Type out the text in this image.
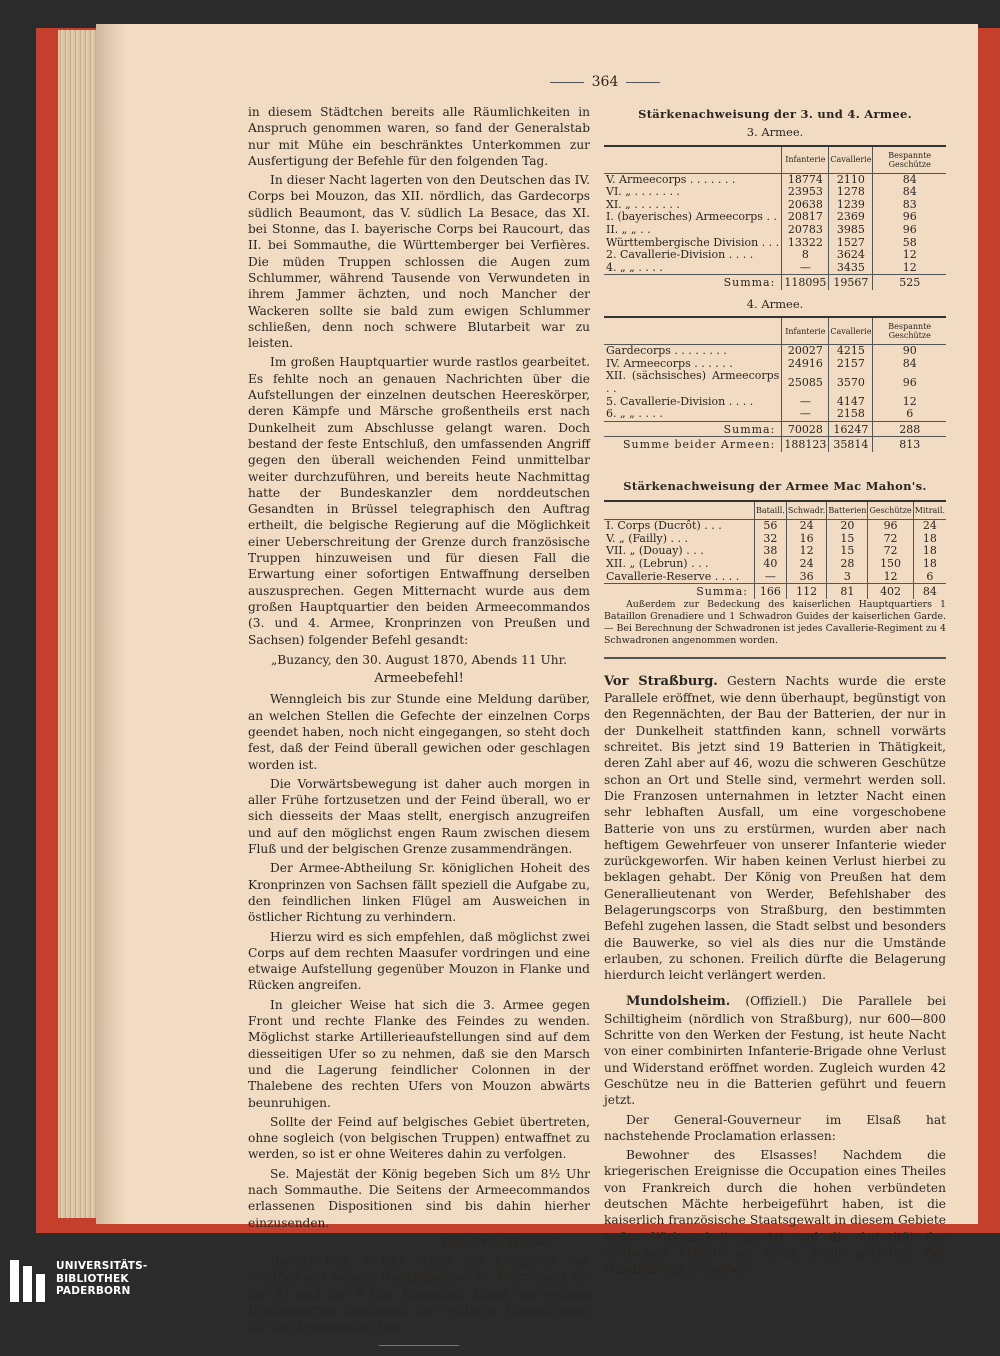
364

in diesem Städtchen bereits alle Räumlichkeiten in Anspruch genommen waren, so fand der Generalstab nur mit Mühe ein beschränktes Unterkommen zur Ausfertigung der Befehle für den folgenden Tag.

In dieser Nacht lagerten von den Deutschen das IV. Corps bei Mouzon, das XII. nördlich, das Gardecorps südlich Beaumont, das V. südlich La Besace, das XI. bei Stonne, das I. bayerische Corps bei Raucourt, das II. bei Sommauthe, die Württemberger bei Verfières. Die müden Truppen schlossen die Augen zum Schlummer, während Tausende von Verwundeten in ihrem Jammer ächzten, und noch Mancher der Wackeren sollte sie bald zum ewigen Schlummer schließen, denn noch schwere Blutarbeit war zu leisten.

Im großen Hauptquartier wurde rastlos gearbeitet. Es fehlte noch an genauen Nachrichten über die Aufstellungen der einzelnen deutschen Heereskörper, deren Kämpfe und Märsche großentheils erst nach Dunkelheit zum Abschlusse gelangt waren. Doch bestand der feste Entschluß, den umfassenden Angriff gegen den überall weichenden Feind unmittelbar weiter durchzuführen, und bereits heute Nachmittag hatte der Bundeskanzler dem norddeutschen Gesandten in Brüssel telegraphisch den Auftrag ertheilt, die belgische Regierung auf die Möglichkeit einer Ueberschreitung der Grenze durch französische Truppen hinzuweisen und für diesen Fall die Erwartung einer sofortigen Entwaffnung derselben auszusprechen. Gegen Mitternacht wurde aus dem großen Hauptquartier den beiden Armeecommandos (3. und 4. Armee, Kronprinzen von Preußen und Sachsen) folgender Befehl gesandt:

„Buzancy, den 30. August 1870, Abends 11 Uhr.

Armeebefehl!

Wenngleich bis zur Stunde eine Meldung darüber, an welchen Stellen die Gefechte der einzelnen Corps geendet haben, noch nicht eingegangen, so steht doch fest, daß der Feind überall gewichen oder geschlagen worden ist.

Die Vorwärtsbewegung ist daher auch morgen in aller Frühe fortzusetzen und der Feind überall, wo er sich diesseits der Maas stellt, energisch anzugreifen und auf den möglichst engen Raum zwischen diesem Fluß und der belgischen Grenze zusammendrängen.

Der Armee-Abtheilung Sr. königlichen Hoheit des Kronprinzen von Sachsen fällt speziell die Aufgabe zu, den feindlichen linken Flügel am Ausweichen in östlicher Richtung zu verhindern.

Hierzu wird es sich empfehlen, daß möglichst zwei Corps auf dem rechten Maasufer vordringen und eine etwaige Aufstellung gegenüber Mouzon in Flanke und Rücken angreifen.

In gleicher Weise hat sich die 3. Armee gegen Front und rechte Flanke des Feindes zu wenden. Möglichst starke Artillerieaufstellungen sind auf dem diesseitigen Ufer so zu nehmen, daß sie den Marsch und die Lagerung feindlicher Colonnen in der Thalebene des rechten Ufers von Mouzon abwärts beunruhigen.

Sollte der Feind auf belgisches Gebiet übertreten, ohne sogleich (von belgischen Truppen) entwaffnet zu werden, so ist er ohne Weiteres dahin zu verfolgen.

Se. Majestät der König begeben Sich um 8½ Uhr nach Sommauthe. Die Seitens der Armeecommandos erlassenen Dispositionen sind bis dahin hierher einzusenden.

(gez.) von Moltke.“

Bereits früh 3 Uhr erließ der Kronprinz von Preußen aus seinem Hauptquartier St. Pierremont für die 3., und um 6 Uhr Kronprinz Albert aus seinem Hauptquartier Beaumont die weiteren Dispositionen für den kommenden Tag.

Stärkenachweisung der 3. und 4. Armee.
3. Armee.
	Infanterie	Cavallerie	Bespannte Geschütze
V. Armeecorps . . . . . . .	18774	2110	84
VI. „ . . . . . . .	23953	1278	84
XI. „ . . . . . . .	20638	1239	83
I. (bayerisches) Armeecorps . .	20817	2369	96
II. „ „ . .	20783	3985	96
Württembergische Division . . .	13322	1527	58
2. Cavallerie-Division . . . .	8	3624	12
4. „ „ . . . .	—	3435	12
Summa:	118095	19567	525
4. Armee.
	Infanterie	Cavallerie	Bespannte Geschütze
Gardecorps . . . . . . . .	20027	4215	90
IV. Armeecorps . . . . . .	24916	2157	84
XII. (sächsisches) Armeecorps . .	25085	3570	96
5. Cavallerie-Division . . . .	—	4147	12
6. „ „ . . . .	—	2158	6
Summa:	70028	16247	288
Summe beider Armeen:	188123	35814	813
Stärkenachweisung der Armee Mac Mahon's.
	Bataill.	Schwadr.	Batterien	Geschütze	Mitrail.
I. Corps (Ducrôt) . . .	56	24	20	96	24
V. „ (Failly) . . .	32	16	15	72	18
VII. „ (Douay) . . .	38	12	15	72	18
XII. „ (Lebrun) . . .	40	24	28	150	18
Cavallerie-Reserve . . . .	—	36	3	12	6
Summa:	166	112	81	402	84

Außerdem zur Bedeckung des kaiserlichen Hauptquartiers 1 Bataillon Grenadiere und 1 Schwadron Guides der kaiserlichen Garde. — Bei Berechnung der Schwadronen ist jedes Cavallerie-Regiment zu 4 Schwadronen angenommen worden.

Vor Straßburg. Gestern Nachts wurde die erste Parallele eröffnet, wie denn überhaupt, begünstigt von den Regennächten, der Bau der Batterien, der nur in der Dunkelheit stattfinden kann, schnell vorwärts schreitet. Bis jetzt sind 19 Batterien in Thätigkeit, deren Zahl aber auf 46, wozu die schweren Geschütze schon an Ort und Stelle sind, vermehrt werden soll. Die Franzosen unternahmen in letzter Nacht einen sehr lebhaften Ausfall, um eine vorgeschobene Batterie von uns zu erstürmen, wurden aber nach heftigem Gewehrfeuer von unserer Infanterie wieder zurückgeworfen. Wir haben keinen Verlust hierbei zu beklagen gehabt. Der König von Preußen hat dem Generallieutenant von Werder, Befehlshaber des Belagerungscorps von Straßburg, den bestimmten Befehl zugehen lassen, die Stadt selbst und besonders die Bauwerke, so viel als dies nur die Umstände erlauben, zu schonen. Freilich dürfte die Belagerung hierdurch leicht verlängert werden.

Mundolsheim. (Offiziell.) Die Parallele bei Schiltigheim (nördlich von Straßburg), nur 600—800 Schritte von den Werken der Festung, ist heute Nacht von einer combinirten Infanterie-Brigade ohne Verlust und Widerstand eröffnet worden. Zugleich wurden 42 Geschütze neu in die Batterien geführt und feuern jetzt.

Der General-Gouverneur im Elsaß hat nachstehende Proclamation erlassen:

Bewohner des Elsasses! Nachdem die kriegerischen Ereignisse die Occupation eines Theiles von Frankreich durch die hohen verbündeten deutschen Mächte herbeigeführt haben, ist die kaiserlich französische Staatsgewalt in diesem Gebiete außer Wirksamkeit gesetzt und die Autorität der deutschen Mächte an deren Stelle getreten. Zur Handhabung derselben

UNIVERSITÄTS-
BIBLIOTHEK
PADERBORN
